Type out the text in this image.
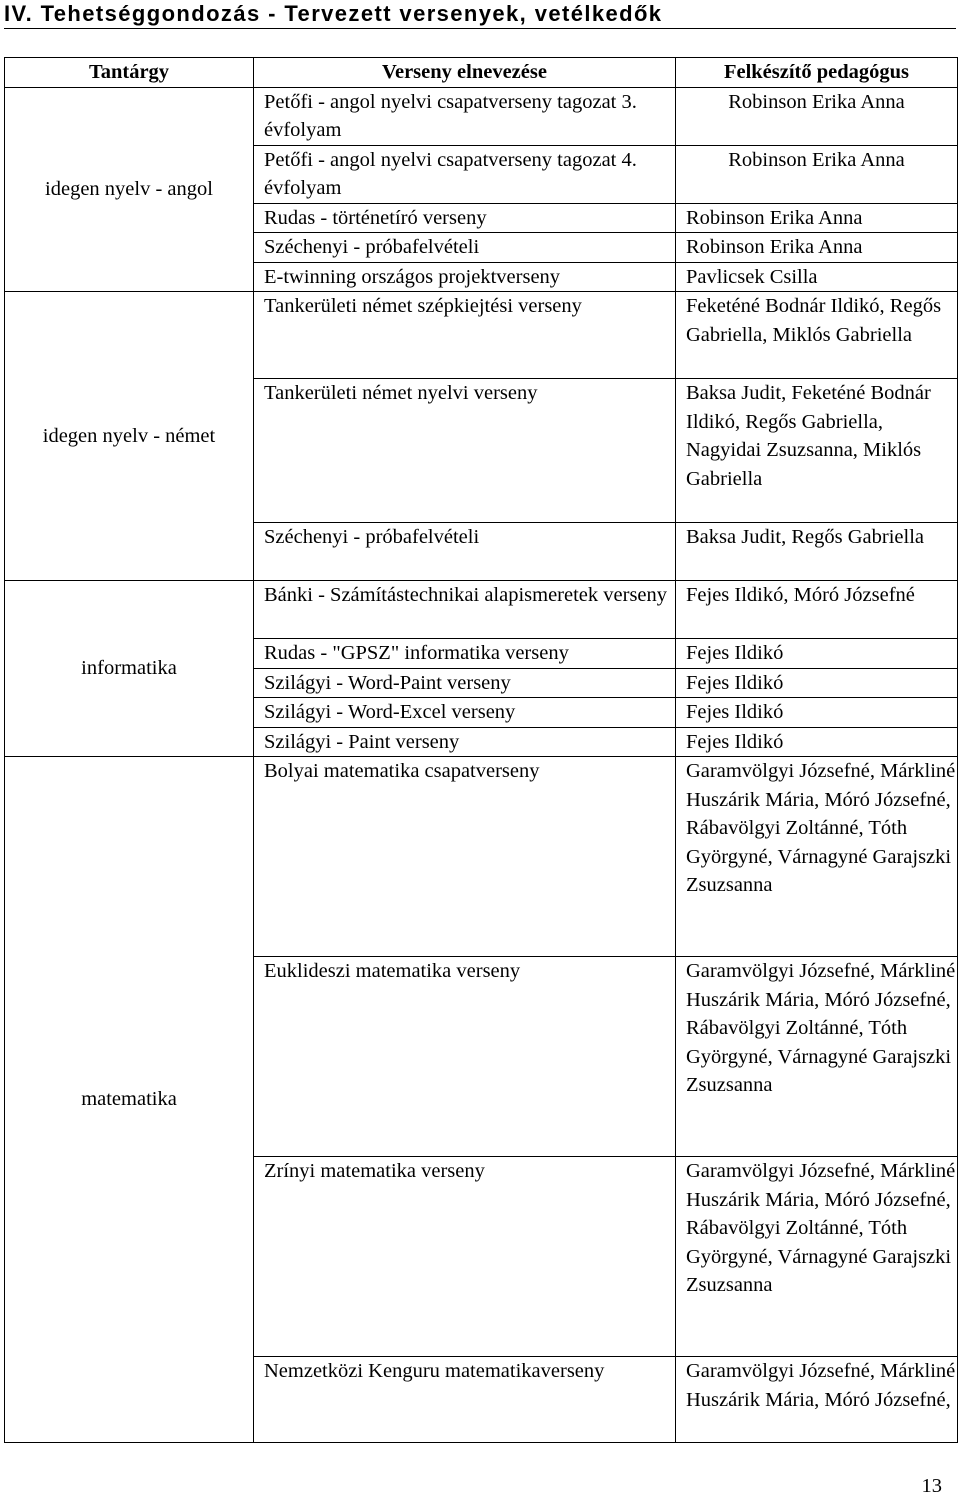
IV. Tehetséggondozás - Tervezett versenyek, vetélkedők
Tantárgy	Verseny elnevezése	Felkészítő pedagógus
idegen nyelv - angol	Petőfi - angol nyelvi csapatverseny tagozat 3. évfolyam	Robinson Erika Anna
	Petőfi - angol nyelvi csapatverseny tagozat 4. évfolyam	Robinson Erika Anna
	Rudas - történetíró verseny	Robinson Erika Anna
	Széchenyi - próbafelvételi	Robinson Erika Anna
	E-twinning országos projektverseny	Pavlicsek Csilla
idegen nyelv - német	Tankerületi német szépkiejtési verseny	Feketéné Bodnár Ildikó, Regős Gabriella, Miklós Gabriella
	Tankerületi német nyelvi verseny	Baksa Judit, Feketéné Bodnár Ildikó, Regős Gabriella, Nagyidai Zsuzsanna, Miklós Gabriella
	Széchenyi - próbafelvételi	Baksa Judit, Regős Gabriella
informatika	Bánki - Számítástechnikai alapismeretek verseny	Fejes Ildikó, Móró Józsefné
	Rudas - "GPSZ" informatika verseny	Fejes Ildikó
	Szilágyi - Word-Paint verseny	Fejes Ildikó
	Szilágyi - Word-Excel verseny	Fejes Ildikó
	Szilágyi - Paint verseny	Fejes Ildikó
matematika	Bolyai matematika csapatverseny	Garamvölgyi Józsefné, Márkliné Huszárik Mária, Móró Józsefné, Rábavölgyi Zoltánné, Tóth Györgyné, Várnagyné Garajszki Zsuzsanna
	Euklideszi matematika verseny	Garamvölgyi Józsefné, Márkliné Huszárik Mária, Móró Józsefné, Rábavölgyi Zoltánné, Tóth Györgyné, Várnagyné Garajszki Zsuzsanna
	Zrínyi matematika verseny	Garamvölgyi Józsefné, Márkliné Huszárik Mária, Móró Józsefné, Rábavölgyi Zoltánné, Tóth Györgyné, Várnagyné Garajszki Zsuzsanna
	Nemzetközi Kenguru matematikaverseny	Garamvölgyi Józsefné, Márkliné Huszárik Mária, Móró Józsefné,
13
